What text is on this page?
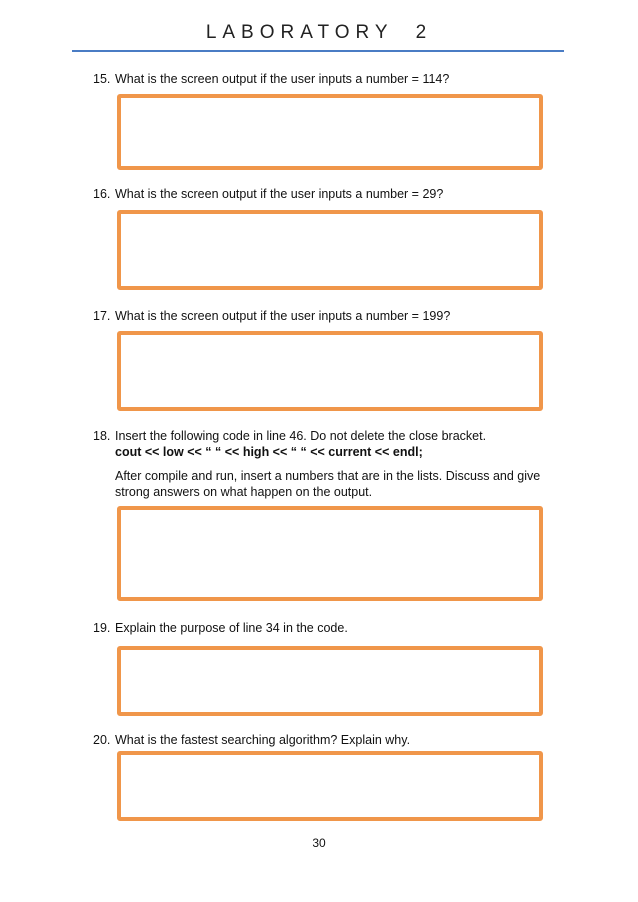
LABORATORY 2
15. What is the screen output if the user inputs a number = 114?
16. What is the screen output if the user inputs a number = 29?
17. What is the screen output if the user inputs a number = 199?
18. Insert the following code in line 46. Do not delete the close bracket.
cout << low << “ “ << high << “ “ << current << endl;
After compile and run, insert a numbers that are in the lists. Discuss and give strong answers on what happen on the output.
19. Explain the purpose of line 34 in the code.
20. What is the fastest searching algorithm? Explain why.
30
